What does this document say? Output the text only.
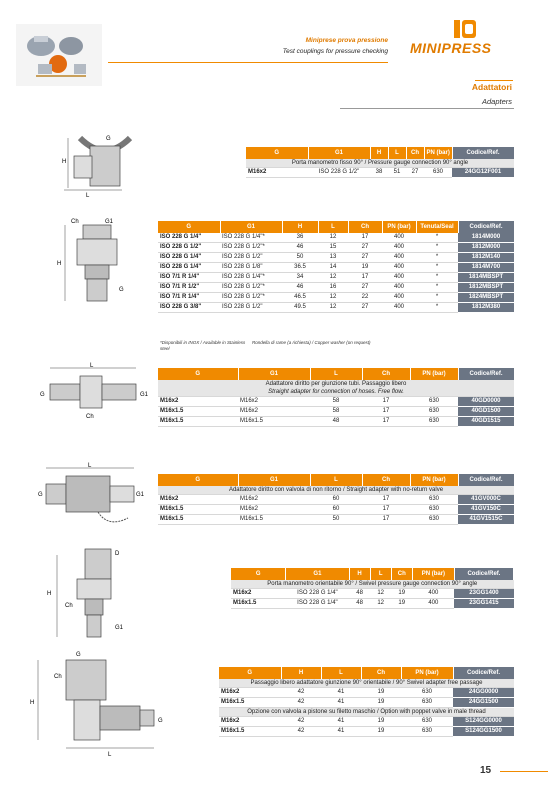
Miniprese prova pressione
Test couplings for pressure checking MINIPRESS
Adattatori
Adapters
L
H
G
G	G1	H	L	Ch	PN (bar)	Codice/Ref.
Porta manometro fisso 90° / Pressure gauge connection 90° angle						
M16x2	ISO 228 G 1/2"	38	51	27	630	24GG12F001
H
Ch	G1
G
G	G1	H	L	Ch	PN (bar)	Tenuta/Seal	Codice/Ref.
ISO 228 G 1/4"	ISO 228 G 1/4"*	36	12	17	400	*	1814M000
ISO 228 G 1/2"	ISO 228 G 1/2"*	46	15	27	400	*	1812M000
ISO 228 G 1/4"	ISO 228 G 1/2"	50	13	27	400	*	1812M140
ISO 228 G 1/4"	ISO 228 G 1/8"	36.5	14	19	400	*	1814M700
ISO 7/1 R 1/4"	ISO 228 G 1/4"*	34	12	17	400	*	1814MBSPT
ISO 7/1 R 1/2"	ISO 228 G 1/2"*	46	16	27	400	*	1812MBSPT
ISO 7/1 R 1/4"	ISO 228 G 1/2"*	46.5	12	22	400	*	1824MBSPT
ISO 228 G 3/8"	ISO 228 G 1/2"	49.5	12	27	400	*	1812M380
*Disponibili in INOX / Available in Stainless steel
Rondella di rame (a richiesta) / Copper washer (on request)
L
G	G1
Ch
G	G1	L	Ch	PN (bar)	Codice/Ref.
Adattatore diritto per giunzione tubi. Passaggio libero
Straight adapter for connection of hoses. Free flow.					
M16x2	M16x2	58	17	630	40GD0000
M16x1.5	M16x2	58	17	630	40GD1500
M16x1.5	M16x1.5	48	17	630	40GD1515
L
G	G1
G	G1	L	Ch	PN (bar)	Codice/Ref.
Adattatore diritto con valvola di non ritorno / Straight adapter with no-return valve					
M16x2	M16x2	60	17	630	41GV000C
M16x1.5	M16x2	60	17	630	41GV150C
M16x1.5	M16x1.5	50	17	630	41GV1515C
H
D
Ch
G1
G	G1	H	L	Ch	PN (bar)	Codice/Ref.
Porta manometro orientabile 90° / Swivel pressure gauge connection 90° angle						
M16x2	ISO 228 G 1/4"	48	12	19	400	23GG1400
M16x1.5	ISO 228 G 1/4"	48	12	19	400	23GG1415
H
L
G
G
Ch
G	H	L	Ch	PN (bar)	Codice/Ref.
Passaggio libero adattatore giunzione 90° orientabile / 90° Swivel adapter free passage					
M16x2	42	41	19	630	24GG0000
M16x1.5	42	41	19	630	24GG1500
Opzione con valvola a pistone su filetto maschio / Option with poppet valve in male thread					
M16x2	42	41	19	630	S124GG0000
M16x1.5	42	41	19	630	S124GG1500
15
